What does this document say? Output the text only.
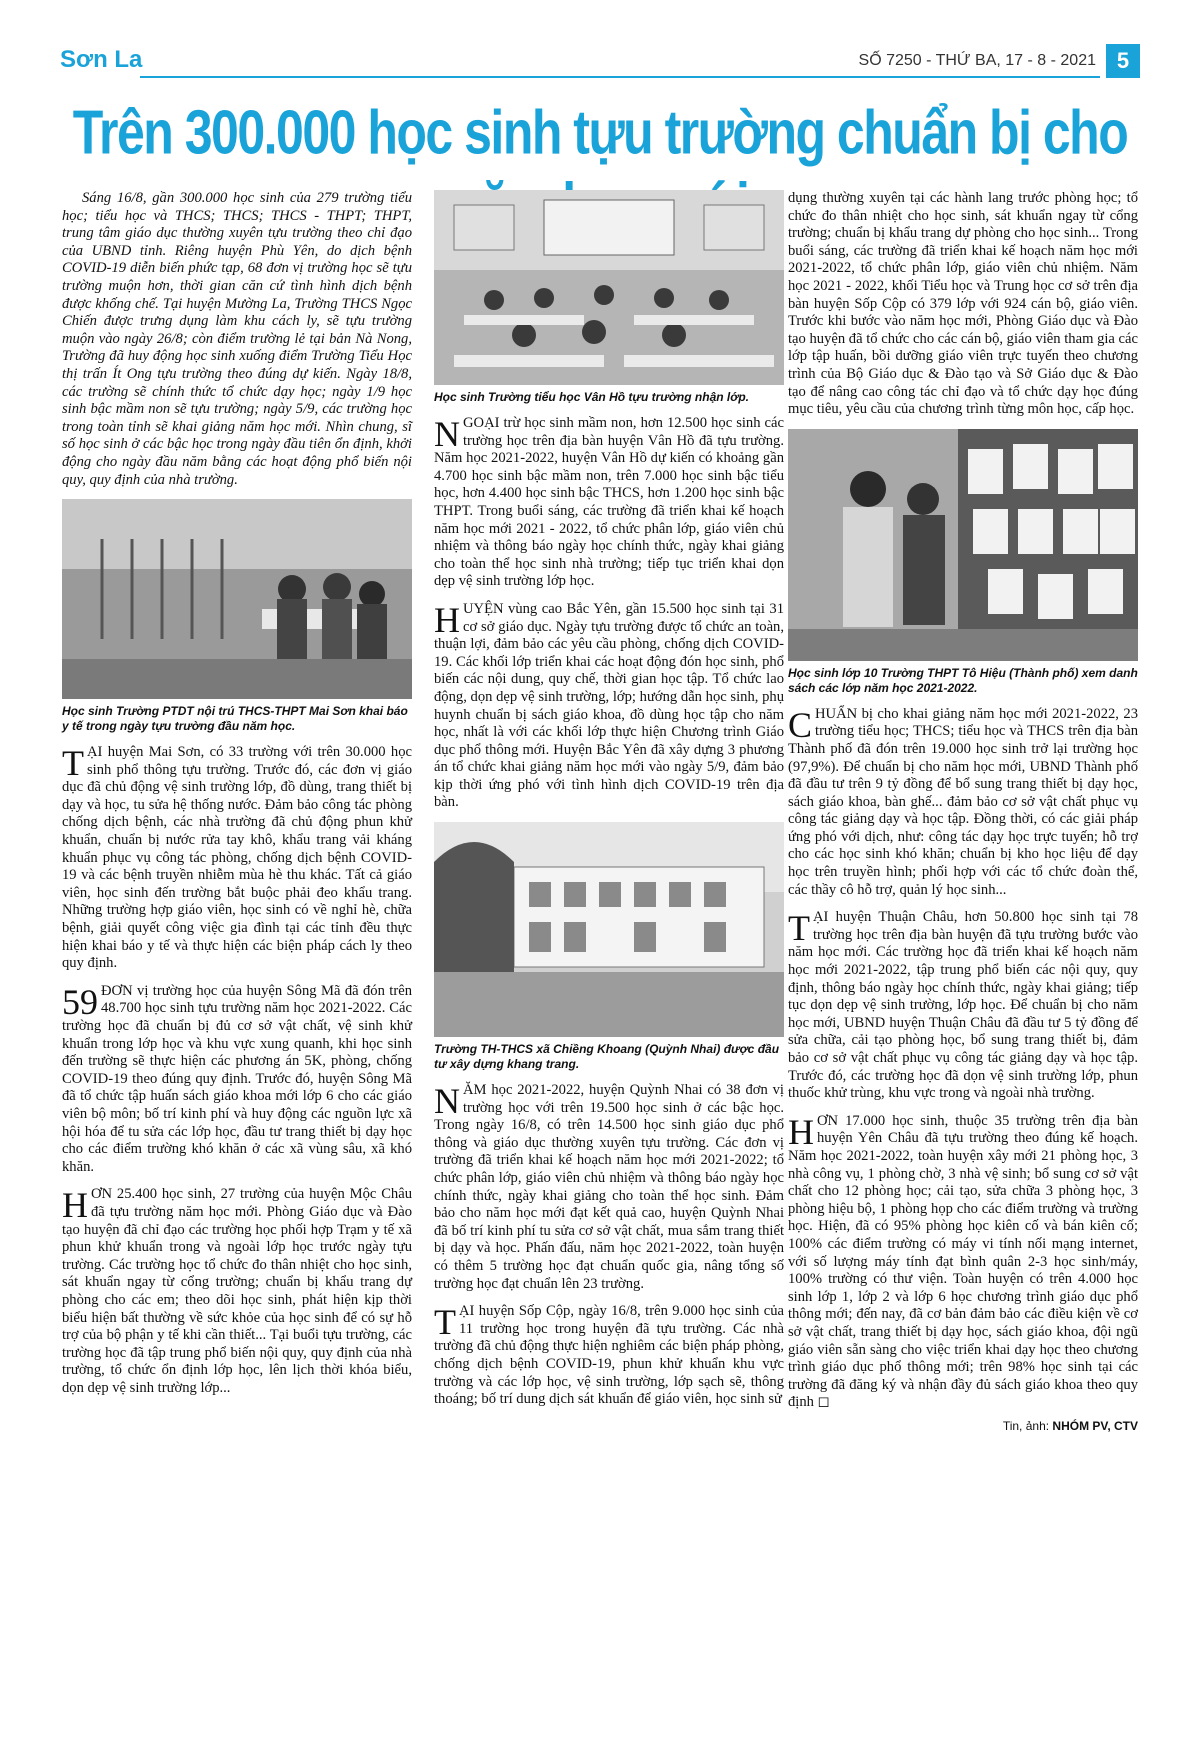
Sơn La	SỐ 7250 - THỨ BA, 17 - 8 - 2021 5
Trên 300.000 học sinh tựu trường chuẩn bị cho

Sáng 16/8, gần 300.000 học sinh của 279 trường tiểu học; tiểu học và THCS; THCS; THCS - THPT; THPT, trung tâm giáo dục thường xuyên tựu trường theo chỉ đạo của UBND tỉnh. Riêng huyện Phù Yên, do dịch bệnh COVID-19 diễn biến phức tạp, 68 đơn vị trường học sẽ tựu trường muộn hơn, thời gian căn cứ tình hình dịch bệnh được khống chế. Tại huyện Mường La, Trường THCS Ngọc Chiến được trưng dụng làm khu cách ly, sẽ tựu trường muộn vào ngày 26/8; còn điểm trường lẻ tại bản Nà Nong, Trường đã huy động học sinh xuống điểm Trường Tiểu Học thị trấn Ít Ong tựu trường theo đúng dự kiến. Ngày 18/8, các trường sẽ chính thức tổ chức dạy học; ngày 1/9 học sinh bậc mầm non sẽ tựu trường; ngày 5/9, các trường học trong toàn tỉnh sẽ khai giảng năm học mới. Nhìn chung, sĩ số học sinh ở các bậc học trong ngày đầu tiên ổn định, khởi động cho ngày đầu năm bằng các hoạt động phổ biến nội quy, quy định của nhà trường.

Học sinh Trường PTDT nội trú THCS-THPT Mai Sơn khai báo y tế trong ngày tựu trường đầu năm học.

TẠI huyện Mai Sơn, có 33 trường với trên 30.000 học sinh phổ thông tựu trường. Trước đó, các đơn vị giáo dục đã chủ động vệ sinh trường lớp, đồ dùng, trang thiết bị dạy và học, tu sửa hệ thống nước. Đảm bảo công tác phòng chống dịch bệnh, các nhà trường đã chủ động phun khử khuẩn, chuẩn bị nước rửa tay khô, khẩu trang vải kháng khuẩn phục vụ công tác phòng, chống dịch bệnh COVID-19 và các bệnh truyền nhiễm mùa hè thu khác. Tất cả giáo viên, học sinh đến trường bắt buộc phải đeo khẩu trang. Những trường hợp giáo viên, học sinh có về nghỉ hè, chữa bệnh, giải quyết công việc gia đình tại các tỉnh đều thực hiện khai báo y tế và thực hiện các biện pháp cách ly theo quy định.

59 ĐƠN vị trường học của huyện Sông Mã đã đón trên 48.700 học sinh tựu trường năm học 2021-2022. Các trường học đã chuẩn bị đủ cơ sở vật chất, vệ sinh khử khuẩn trong lớp học và khu vực xung quanh, khi học sinh đến trường sẽ thực hiện các phương án 5K, phòng, chống COVID-19 theo đúng quy định. Trước đó, huyện Sông Mã đã tổ chức tập huấn sách giáo khoa mới lớp 6 cho các giáo viên bộ môn; bố trí kinh phí và huy động các nguồn lực xã hội hóa để tu sửa các lớp học, đầu tư trang thiết bị dạy học cho các điểm trường khó khăn ở các xã vùng sâu, xã khó khăn.

HƠN 25.400 học sinh, 27 trường của huyện Mộc Châu đã tựu trường năm học mới. Phòng Giáo dục và Đào tạo huyện đã chỉ đạo các trường học phối hợp Trạm y tế xã phun khử khuẩn trong và ngoài lớp học trước ngày tựu trường. Các trường học tổ chức đo thân nhiệt cho học sinh, sát khuẩn ngay từ cổng trường; chuẩn bị khẩu trang dự phòng cho các em; theo dõi học sinh, phát hiện kịp thời biểu hiện bất thường về sức khỏe của học sinh để có sự hỗ trợ của bộ phận y tế khi cần thiết... Tại buổi tựu trường, các trường học đã tập trung phổ biến nội quy, quy định của nhà trường, tổ chức ổn định lớp học, lên lịch thời khóa biểu, dọn dẹp vệ sinh trường lớp...

Học sinh Trường tiểu học Vân Hồ tựu trường nhận lớp.

NGOẠI trừ học sinh mầm non, hơn 12.500 học sinh các trường học trên địa bàn huyện Vân Hồ đã tựu trường. Năm học 2021-2022, huyện Vân Hồ dự kiến có khoảng gần 4.700 học sinh bậc mầm non, trên 7.000 học sinh bậc tiểu học, hơn 4.400 học sinh bậc THCS, hơn 1.200 học sinh bậc THPT. Trong buổi sáng, các trường đã triển khai kế hoạch năm học mới 2021 - 2022, tổ chức phân lớp, giáo viên chủ nhiệm và thông báo ngày học chính thức, ngày khai giảng cho toàn thể học sinh nhà trường; tiếp tục triển khai dọn dẹp vệ sinh trường lớp học.

HUYỆN vùng cao Bắc Yên, gần 15.500 học sinh tại 31 cơ sở giáo dục. Ngày tựu trường được tổ chức an toàn, thuận lợi, đảm bảo các yêu cầu phòng, chống dịch COVID-19. Các khối lớp triển khai các hoạt động đón học sinh, phổ biến các nội dung, quy chế, thời gian học tập. Tổ chức lao động, dọn dẹp vệ sinh trường, lớp; hướng dẫn học sinh, phụ huynh chuẩn bị sách giáo khoa, đồ dùng học tập cho năm học, nhất là với các khối lớp thực hiện Chương trình Giáo dục phổ thông mới. Huyện Bắc Yên đã xây dựng 3 phương án tổ chức khai giảng năm học mới vào ngày 5/9, đảm bảo kịp thời ứng phó với tình hình dịch COVID-19 trên địa bàn.

Trường TH-THCS xã Chiềng Khoang (Quỳnh Nhai) được đầu tư xây dựng khang trang.

NĂM học 2021-2022, huyện Quỳnh Nhai có 38 đơn vị trường học với trên 19.500 học sinh ở các bậc học. Trong ngày 16/8, có trên 14.500 học sinh giáo dục phổ thông và giáo dục thường xuyên tựu trường. Các đơn vị trường đã triển khai kế hoạch năm học mới 2021-2022; tổ chức phân lớp, giáo viên chủ nhiệm và thông báo ngày học chính thức, ngày khai giảng cho toàn thể học sinh. Đảm bảo cho năm học mới đạt kết quả cao, huyện Quỳnh Nhai đã bố trí kinh phí tu sửa cơ sở vật chất, mua sắm trang thiết bị dạy và học. Phấn đấu, năm học 2021-2022, toàn huyện có thêm 5 trường học đạt chuẩn quốc gia, nâng tổng số trường học đạt chuẩn lên 23 trường.

TẠI huyện Sốp Cộp, ngày 16/8, trên 9.000 học sinh của 11 trường học trong huyện đã tựu trường. Các nhà trường đã chủ động thực hiện nghiêm các biện pháp phòng, chống dịch bệnh COVID-19, phun khử khuẩn khu vực trường và các lớp học, vệ sinh trường, lớp sạch sẽ, thông thoáng; bố trí dung dịch sát khuẩn để giáo viên, học sinh sử

dụng thường xuyên tại các hành lang trước phòng học; tổ chức đo thân nhiệt cho học sinh, sát khuẩn ngay từ cổng trường; chuẩn bị khẩu trang dự phòng cho học sinh... Trong buổi sáng, các trường đã triển khai kế hoạch năm học mới 2021-2022, tổ chức phân lớp, giáo viên chủ nhiệm. Năm học 2021 - 2022, khối Tiểu học và Trung học cơ sở trên địa bàn huyện Sốp Cộp có 379 lớp với 924 cán bộ, giáo viên. Trước khi bước vào năm học mới, Phòng Giáo dục và Đào tạo huyện đã tổ chức cho các cán bộ, giáo viên tham gia các lớp tập huấn, bồi dưỡng giáo viên trực tuyến theo chương trình của Bộ Giáo dục & Đào tạo và Sở Giáo dục & Đào tạo để nâng cao công tác chỉ đạo và tổ chức dạy học đúng mục tiêu, yêu cầu của chương trình từng môn học, cấp học.

Học sinh lớp 10 Trường THPT Tô Hiệu (Thành phố) xem danh sách các lớp năm học 2021-2022.

CHUẨN bị cho khai giảng năm học mới 2021-2022, 23 trường tiểu học; THCS; tiểu học và THCS trên địa bàn Thành phố đã đón trên 19.000 học sinh trở lại trường học (97,9%). Để chuẩn bị cho năm học mới, UBND Thành phố đã đầu tư trên 9 tỷ đồng để bổ sung trang thiết bị dạy học, sách giáo khoa, bàn ghế... đảm bảo cơ sở vật chất phục vụ công tác giảng dạy và học tập. Đồng thời, có các giải pháp ứng phó với dịch, như: công tác dạy học trực tuyến; hỗ trợ cho các học sinh khó khăn; chuẩn bị kho học liệu để dạy học trên truyền hình; phối hợp với các tổ chức đoàn thể, các thầy cô hỗ trợ, quản lý học sinh...

TẠI huyện Thuận Châu, hơn 50.800 học sinh tại 78 trường học trên địa bàn huyện đã tựu trường bước vào năm học mới. Các trường học đã triển khai kế hoạch năm học mới 2021-2022, tập trung phổ biến các nội quy, quy định, thông báo ngày học chính thức, ngày khai giảng; tiếp tục dọn dẹp vệ sinh trường, lớp học. Để chuẩn bị cho năm học mới, UBND huyện Thuận Châu đã đầu tư 5 tỷ đồng để sửa chữa, cải tạo phòng học, bổ sung trang thiết bị, đảm bảo cơ sở vật chất phục vụ công tác giảng dạy và học tập. Trước đó, các trường học đã dọn vệ sinh trường lớp, phun thuốc khử trùng, khu vực trong và ngoài nhà trường.

HƠN 17.000 học sinh, thuộc 35 trường trên địa bàn huyện Yên Châu đã tựu trường theo đúng kế hoạch. Năm học 2021-2022, toàn huyện xây mới 21 phòng học, 3 nhà công vụ, 1 phòng chờ, 3 nhà vệ sinh; bổ sung cơ sở vật chất cho 12 phòng học; cải tạo, sửa chữa 3 phòng học, 3 phòng hiệu bộ, 1 phòng họp cho các điểm trường và trường học. Hiện, đã có 95% phòng học kiên cố và bán kiên cố; 100% các điểm trường có máy vi tính nối mạng internet, với số lượng máy tính đạt bình quân 2-3 học sinh/máy, 100% trường có thư viện. Toàn huyện có trên 4.000 học sinh lớp 1, lớp 2 và lớp 6 học chương trình giáo dục phổ thông mới; đến nay, đã cơ bản đảm bảo các điều kiện về cơ sở vật chất, trang thiết bị dạy học, sách giáo khoa, đội ngũ giáo viên sẵn sàng cho việc triển khai dạy học theo chương trình giáo dục phổ thông mới; trên 98% học sinh tại các trường đã đăng ký và nhận đầy đủ sách giáo khoa theo quy định ◻

Tin, ảnh: NHÓM PV, CTV
